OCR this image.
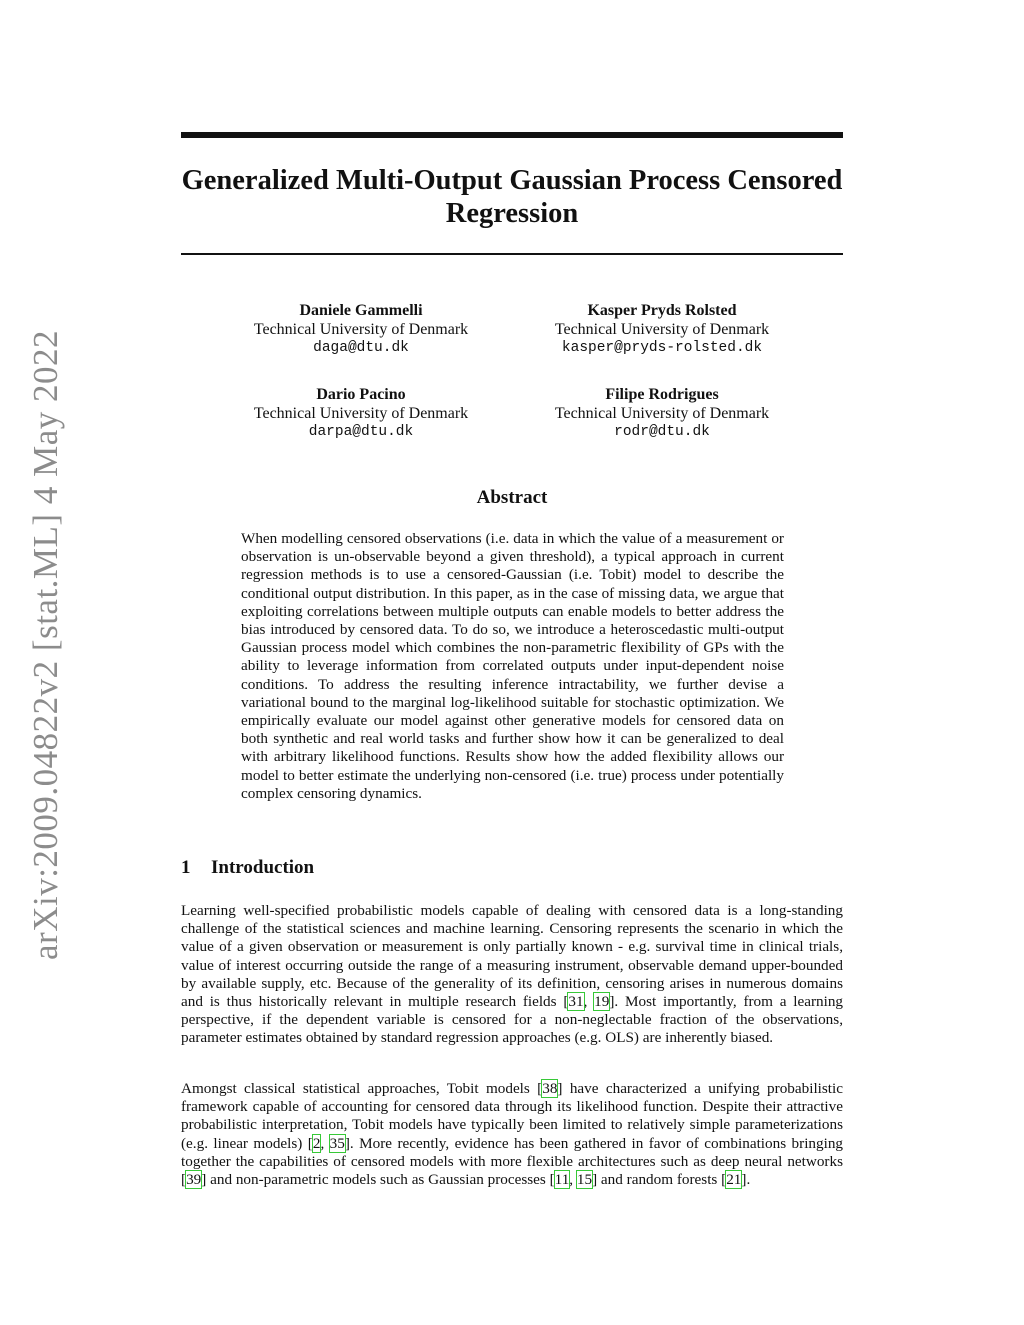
arXiv:2009.04822v2 [stat.ML] 4 May 2022
Generalized Multi-Output Gaussian Process Censored Regression
Daniele Gammelli
Technical University of Denmark
daga@dtu.dk
Kasper Pryds Rolsted
Technical University of Denmark
kasper@pryds-rolsted.dk
Dario Pacino
Technical University of Denmark
darpa@dtu.dk
Filipe Rodrigues
Technical University of Denmark
rodr@dtu.dk
Abstract

When modelling censored observations (i.e. data in which the value of a measurement or observation is un-observable beyond a given threshold), a typical approach in current regression methods is to use a censored-Gaussian (i.e. Tobit) model to describe the conditional output distribution. In this paper, as in the case of missing data, we argue that exploiting correlations between multiple outputs can enable models to better address the bias introduced by censored data. To do so, we introduce a heteroscedastic multi-output Gaussian process model which combines the non-parametric flexibility of GPs with the ability to leverage information from correlated outputs under input-dependent noise conditions. To address the resulting inference intractability, we further devise a variational bound to the marginal log-likelihood suitable for stochastic optimization. We empirically evaluate our model against other generative models for censored data on both synthetic and real world tasks and further show how it can be generalized to deal with arbitrary likelihood functions. Results show how the added flexibility allows our model to better estimate the underlying non-censored (i.e. true) process under potentially complex censoring dynamics.

1 Introduction

Learning well-specified probabilistic models capable of dealing with censored data is a long-standing challenge of the statistical sciences and machine learning. Censoring represents the scenario in which the value of a given observation or measurement is only partially known - e.g. survival time in clinical trials, value of interest occurring outside the range of a measuring instrument, observable demand upper-bounded by available supply, etc. Because of the generality of its definition, censoring arises in numerous domains and is thus historically relevant in multiple research fields [31, 19]. Most importantly, from a learning perspective, if the dependent variable is censored for a non-neglectable fraction of the observations, parameter estimates obtained by standard regression approaches (e.g. OLS) are inherently biased.

Amongst classical statistical approaches, Tobit models [38] have characterized a unifying probabilistic framework capable of accounting for censored data through its likelihood function. Despite their attractive probabilistic interpretation, Tobit models have typically been limited to relatively simple parameterizations (e.g. linear models) [2, 35]. More recently, evidence has been gathered in favor of combinations bringing together the capabilities of censored models with more flexible architectures such as deep neural networks [39] and non-parametric models such as Gaussian processes [11, 15] and random forests [21].
